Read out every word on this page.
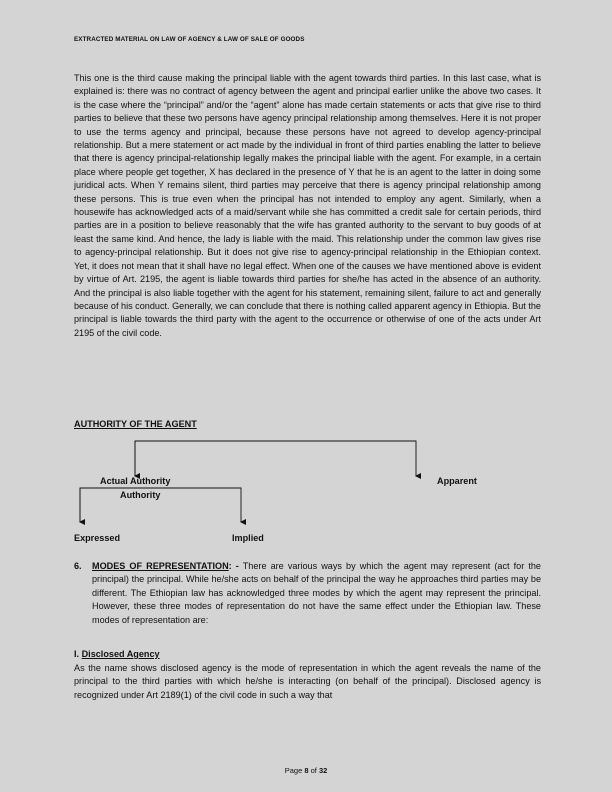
EXTRACTED MATERIAL ON LAW OF AGENCY & LAW OF SALE OF GOODS
This one is the third cause making the principal liable with the agent towards third parties. In this last case, what is explained is: there was no contract of agency between the agent and principal earlier unlike the above two cases. It is the case where the “principal” and/or the “agent” alone has made certain statements or acts that give rise to third parties to believe that these two persons have agency principal relationship among themselves. Here it is not proper to use the terms agency and principal, because these persons have not agreed to develop agency-principal relationship. But a mere statement or act made by the individual in front of third parties enabling the latter to believe that there is agency principal-relationship legally makes the principal liable with the agent. For example, in a certain place where people get together, X has declared in the presence of Y that he is an agent to the latter in doing some juridical acts. When Y remains silent, third parties may perceive that there is agency principal relationship among these persons. This is true even when the principal has not intended to employ any agent. Similarly, when a housewife has acknowledged acts of a maid/servant while she has committed a credit sale for certain periods, third parties are in a position to believe reasonably that the wife has granted authority to the servant to buy goods of at least the same kind. And hence, the lady is liable with the maid. This relationship under the common law gives rise to agency-principal relationship. But it does not give rise to agency-principal relationship in the Ethiopian context. Yet, it does not mean that it shall have no legal effect. When one of the causes we have mentioned above is evident by virtue of Art. 2195, the agent is liable towards third parties for she/he has acted in the absence of an authority. And the principal is also liable together with the agent for his statement, remaining silent, failure to act and generally because of his conduct. Generally, we can conclude that there is nothing called apparent agency in Ethiopia. But the principal is liable towards the third party with the agent to the occurrence or otherwise of one of the acts under Art 2195 of the civil code.
AUTHORITY OF THE AGENT
Actual Authority
Authority
Apparent
Expressed	Implied
6. MODES OF REPRESENTATION: - There are various ways by which the agent may represent (act for the principal) the principal. While he/she acts on behalf of the principal the way he approaches third parties may be different. The Ethiopian law has acknowledged three modes by which the agent may represent the principal. However, these three modes of representation do not have the same effect under the Ethiopian law. These modes of representation are:
I. Disclosed Agency
As the name shows disclosed agency is the mode of representation in which the agent reveals the name of the principal to the third parties with which he/she is interacting (on behalf of the principal). Disclosed agency is recognized under Art 2189(1) of the civil code in such a way that
Page 8 of 32
